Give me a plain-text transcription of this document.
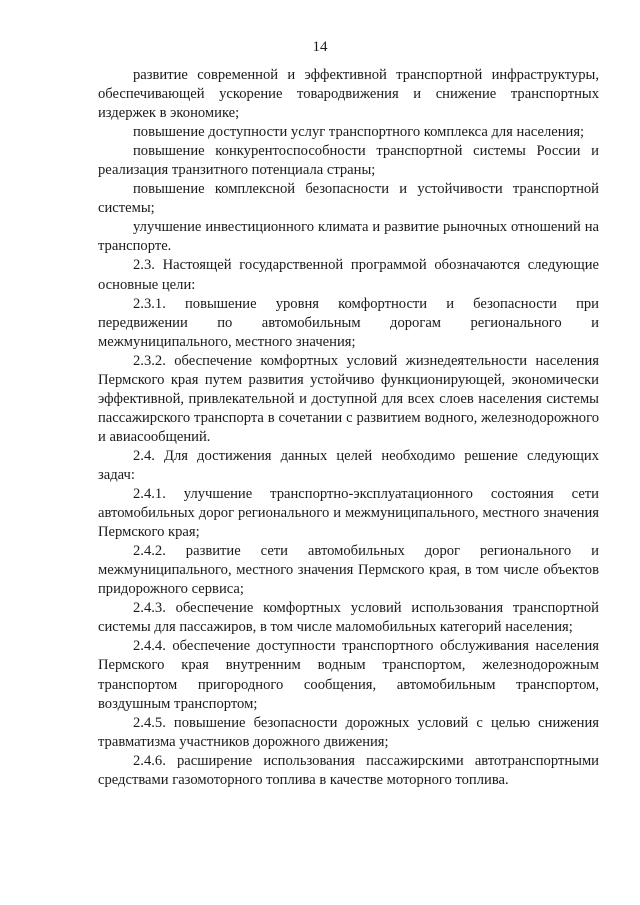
14

развитие современной и эффективной транспортной инфраструктуры, обеспечивающей ускорение товародвижения и снижение транспортных издержек в экономике;

повышение доступности услуг транспортного комплекса для населения;

повышение конкурентоспособности транспортной системы России и реализация транзитного потенциала страны;

повышение комплексной безопасности и устойчивости транспортной системы;

улучшение инвестиционного климата и развитие рыночных отношений на транспорте.

2.3. Настоящей государственной программой обозначаются следующие основные цели:

2.3.1. повышение уровня комфортности и безопасности при передвижении по автомобильным дорогам регионального и межмуниципального, местного значения;

2.3.2. обеспечение комфортных условий жизнедеятельности населения Пермского края путем развития устойчиво функционирующей, экономически эффективной, привлекательной и доступной для всех слоев населения системы пассажирского транспорта в сочетании с развитием водного, железнодорожного и авиасообщений.

2.4. Для достижения данных целей необходимо решение следующих задач:

2.4.1. улучшение транспортно-эксплуатационного состояния сети автомобильных дорог регионального и межмуниципального, местного значения Пермского края;

2.4.2. развитие сети автомобильных дорог регионального и межмуниципального, местного значения Пермского края, в том числе объектов придорожного сервиса;

2.4.3. обеспечение комфортных условий использования транспортной системы для пассажиров, в том числе маломобильных категорий населения;

2.4.4. обеспечение доступности транспортного обслуживания населения Пермского края внутренним водным транспортом, железнодорожным транспортом пригородного сообщения, автомобильным транспортом, воздушным транспортом;

2.4.5. повышение безопасности дорожных условий с целью снижения травматизма участников дорожного движения;

2.4.6. расширение использования пассажирскими автотранспортными средствами газомоторного топлива в качестве моторного топлива.
